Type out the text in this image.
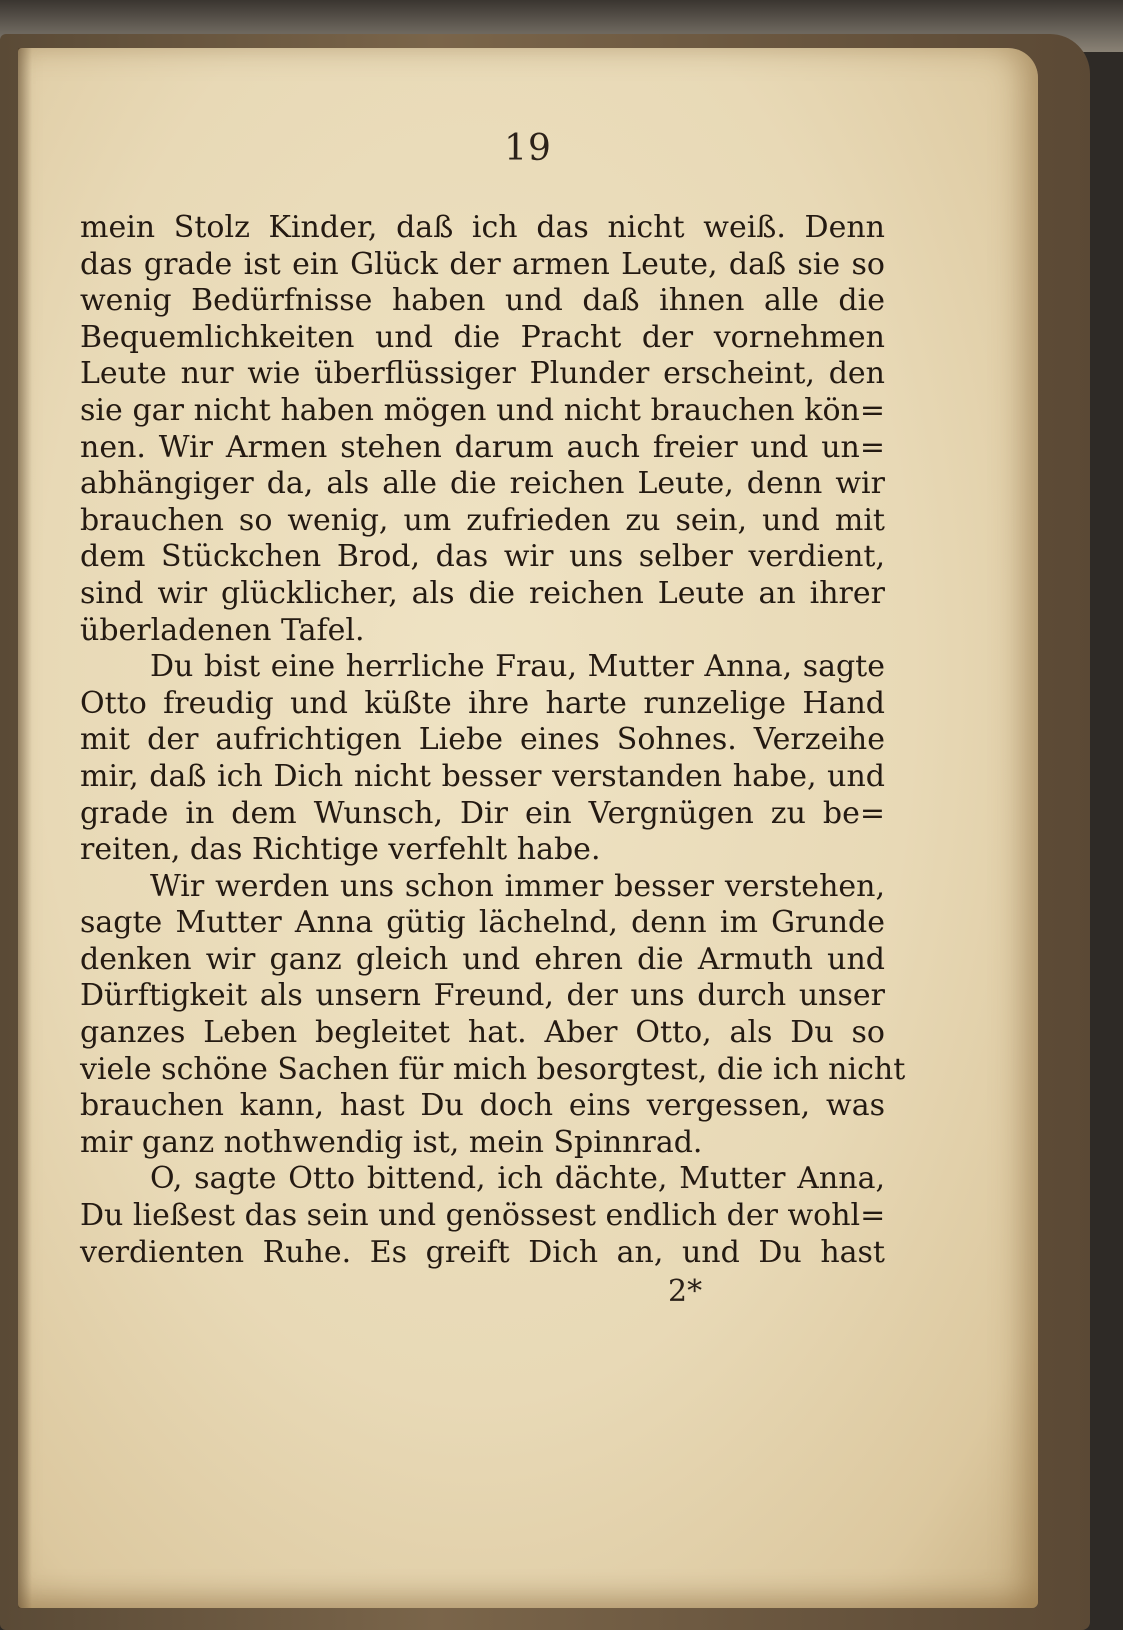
19
mein Stolz Kinder, daß ich das nicht weiß. Denn
das grade ist ein Glück der armen Leute, daß sie so
wenig Bedürfnisse haben und daß ihnen alle die
Bequemlichkeiten und die Pracht der vornehmen
Leute nur wie überflüssiger Plunder erscheint, den
sie gar nicht haben mögen und nicht brauchen kön=
nen. Wir Armen stehen darum auch freier und un=
abhängiger da, als alle die reichen Leute, denn wir
brauchen so wenig, um zufrieden zu sein, und mit
dem Stückchen Brod, das wir uns selber verdient,
sind wir glücklicher, als die reichen Leute an ihrer
überladenen Tafel.
Du bist eine herrliche Frau, Mutter Anna, sagte
Otto freudig und küßte ihre harte runzelige Hand
mit der aufrichtigen Liebe eines Sohnes. Verzeihe
mir, daß ich Dich nicht besser verstanden habe, und
grade in dem Wunsch, Dir ein Vergnügen zu be=
reiten, das Richtige verfehlt habe.
Wir werden uns schon immer besser verstehen,
sagte Mutter Anna gütig lächelnd, denn im Grunde
denken wir ganz gleich und ehren die Armuth und
Dürftigkeit als unsern Freund, der uns durch unser
ganzes Leben begleitet hat. Aber Otto, als Du so
viele schöne Sachen für mich besorgtest, die ich nicht
brauchen kann, hast Du doch eins vergessen, was
mir ganz nothwendig ist, mein Spinnrad.
O, sagte Otto bittend, ich dächte, Mutter Anna,
Du ließest das sein und genössest endlich der wohl=
verdienten Ruhe. Es greift Dich an, und Du hast
2*
